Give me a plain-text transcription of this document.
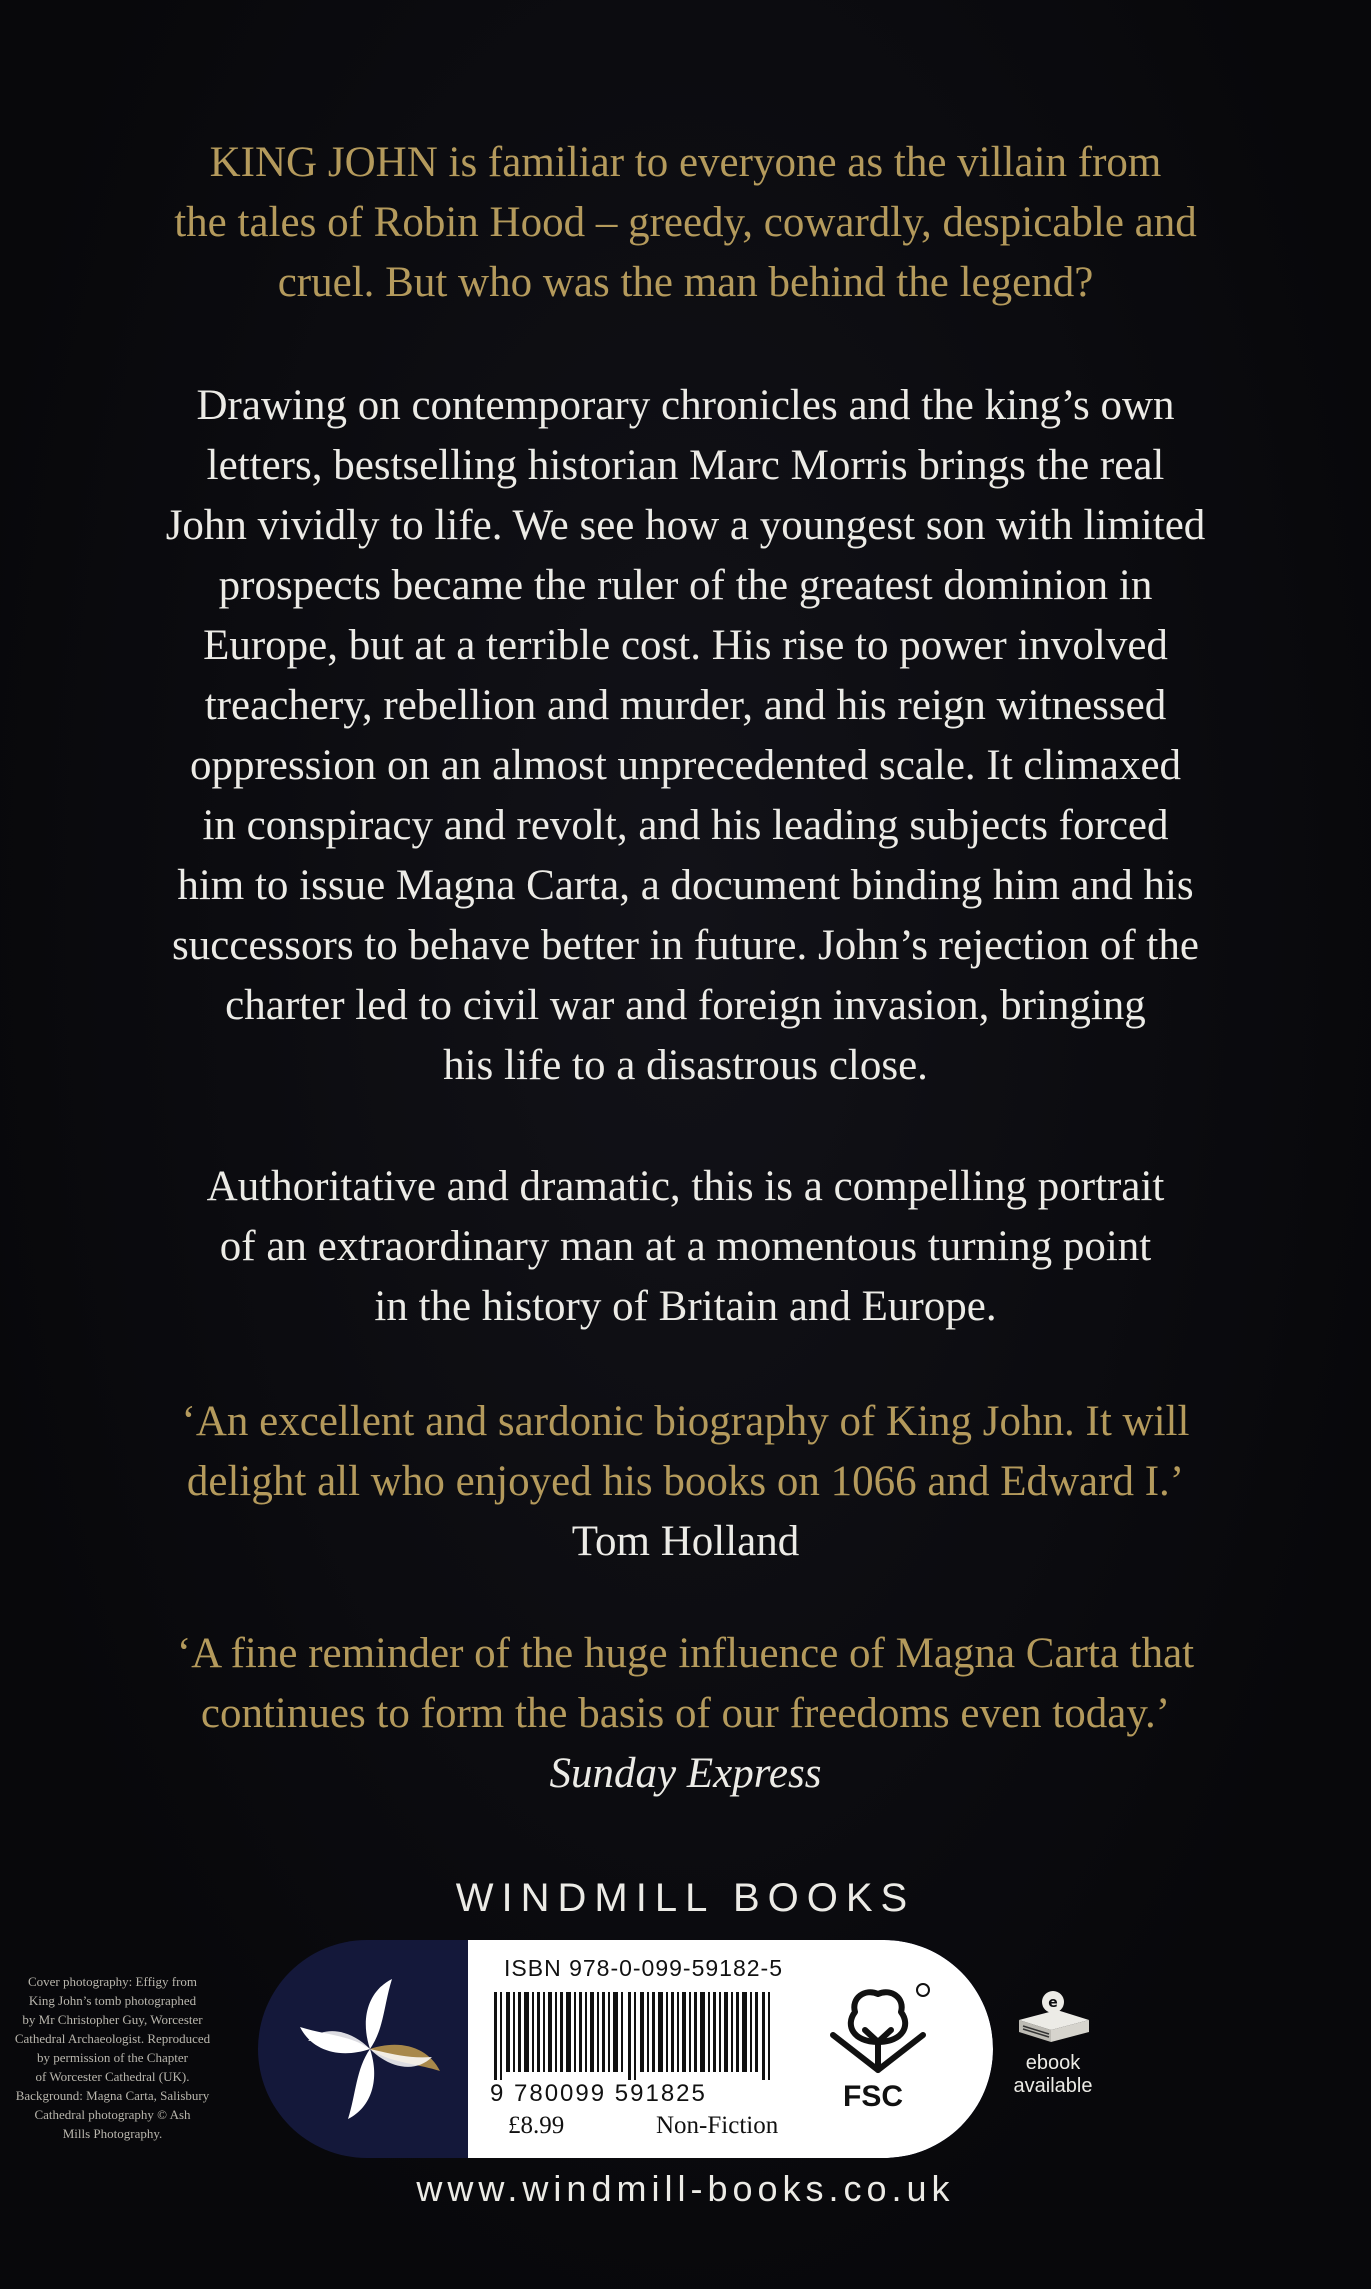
KING JOHN is familiar to everyone as the villain from
the tales of Robin Hood – greedy, cowardly, despicable and
cruel. But who was the man behind the legend?

Drawing on contemporary chronicles and the king’s own
letters, bestselling historian Marc Morris brings the real
John vividly to life. We see how a youngest son with limited
prospects became the ruler of the greatest dominion in
Europe, but at a terrible cost. His rise to power involved
treachery, rebellion and murder, and his reign witnessed
oppression on an almost unprecedented scale. It climaxed
in conspiracy and revolt, and his leading subjects forced
him to issue Magna Carta, a document binding him and his
successors to behave better in future. John’s rejection of the
charter led to civil war and foreign invasion, bringing
his life to a disastrous close.

Authoritative and dramatic, this is a compelling portrait
of an extraordinary man at a momentous turning point
in the history of Britain and Europe.

‘An excellent and sardonic biography of King John. It will
delight all who enjoyed his books on 1066 and Edward I.’
Tom Holland

‘A fine reminder of the huge influence of Magna Carta that
continues to form the basis of our freedoms even today.’
Sunday Express

WINDMILL BOOKS
Cover photography: Effigy from
King John’s tomb photographed
by Mr Christopher Guy, Worcester
Cathedral Archaeologist. Reproduced
by permission of the Chapter
of Worcester Cathedral (UK).
Background: Magna Carta, Salisbury
Cathedral photography © Ash
Mills Photography.
ISBN 978-0-099-59182-5
9 780099 591825
£8.99	Non-Fiction
FSC
e
ebook
available
www.windmill-books.co.uk
